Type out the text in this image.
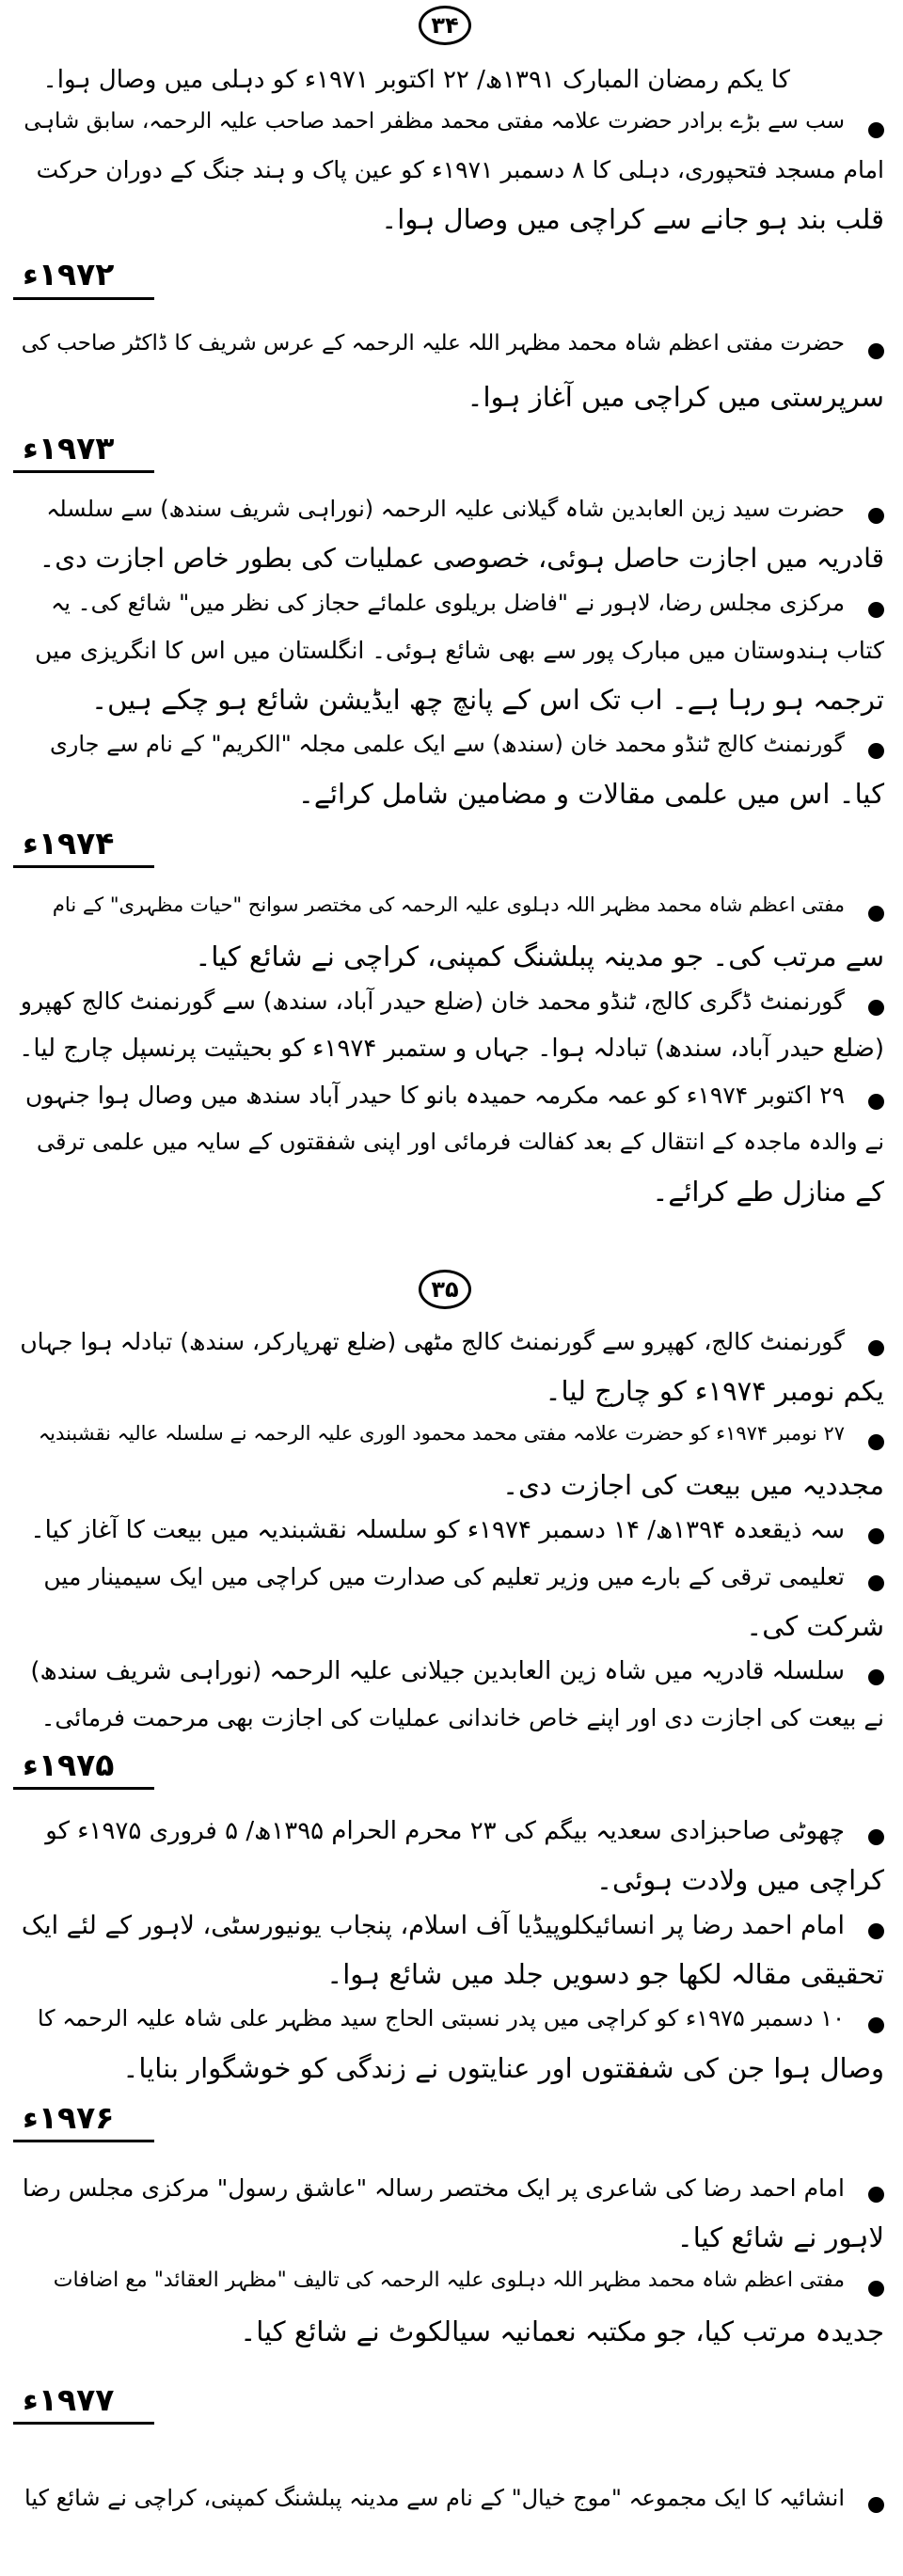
۳۴
کا یکم رمضان المبارک ۱۳۹۱ھ/ ۲۲ اکتوبر ۱۹۷۱ء کو دہلی میں وصال ہوا۔
سب سے بڑے برادر حضرت علامہ مفتی محمد مظفر احمد صاحب علیہ الرحمہ، سابق شاہی
امام مسجد فتحپوری، دہلی کا ۸ دسمبر ۱۹۷۱ء کو عین پاک و ہند جنگ کے دوران حرکت
قلب بند ہو جانے سے کراچی میں وصال ہوا۔
۱۹۷۲ء
حضرت مفتی اعظم شاہ محمد مظہر اللہ علیہ الرحمہ کے عرس شریف کا ڈاکٹر صاحب کی
سرپرستی میں کراچی میں آغاز ہوا۔
۱۹۷۳ء
حضرت سید زین العابدین شاہ گیلانی علیہ الرحمہ (نوراہی شریف سندھ) سے سلسلہ
قادریہ میں اجازت حاصل ہوئی، خصوصی عملیات کی بطور خاص اجازت دی۔
مرکزی مجلس رضا، لاہور نے "فاضل بریلوی علمائے حجاز کی نظر میں" شائع کی۔ یہ
کتاب ہندوستان میں مبارک پور سے بھی شائع ہوئی۔ انگلستان میں اس کا انگریزی میں
ترجمہ ہو رہا ہے۔ اب تک اس کے پانچ چھ ایڈیشن شائع ہو چکے ہیں۔
گورنمنٹ کالج ٹنڈو محمد خان (سندھ) سے ایک علمی مجلہ "الکریم" کے نام سے جاری
کیا۔ اس میں علمی مقالات و مضامین شامل کرائے۔
۱۹۷۴ء
مفتی اعظم شاہ محمد مظہر اللہ دہلوی علیہ الرحمہ کی مختصر سوانح "حیات مظہری" کے نام
سے مرتب کی۔ جو مدینہ پبلشنگ کمپنی، کراچی نے شائع کیا۔
گورنمنٹ ڈگری کالج، ٹنڈو محمد خان (ضلع حیدر آباد، سندھ) سے گورنمنٹ کالج کھپرو
(ضلع حیدر آباد، سندھ) تبادلہ ہوا۔ جہاں و ستمبر ۱۹۷۴ء کو بحیثیت پرنسپل چارج لیا۔
۲۹ اکتوبر ۱۹۷۴ء کو عمہ مکرمہ حمیدہ بانو کا حیدر آباد سندھ میں وصال ہوا جنہوں
نے والدہ ماجدہ کے انتقال کے بعد کفالت فرمائی اور اپنی شفقتوں کے سایہ میں علمی ترقی
کے منازل طے کرائے۔
۳۵
گورنمنٹ کالج، کھپرو سے گورنمنٹ کالج مٹھی (ضلع تھرپارکر، سندھ) تبادلہ ہوا جہاں
یکم نومبر ۱۹۷۴ء کو چارج لیا۔
۲۷ نومبر ۱۹۷۴ء کو حضرت علامہ مفتی محمد محمود الوری علیہ الرحمہ نے سلسلہ عالیہ نقشبندیہ
مجددیہ میں بیعت کی اجازت دی۔
سہ ذیقعدہ ۱۳۹۴ھ/ ۱۴ دسمبر ۱۹۷۴ء کو سلسلہ نقشبندیہ میں بیعت کا آغاز کیا۔
تعلیمی ترقی کے بارے میں وزیر تعلیم کی صدارت میں کراچی میں ایک سیمینار میں
شرکت کی۔
سلسلہ قادریہ میں شاہ زین العابدین جیلانی علیہ الرحمہ (نوراہی شریف سندھ)
نے بیعت کی اجازت دی اور اپنے خاص خاندانی عملیات کی اجازت بھی مرحمت فرمائی۔
۱۹۷۵ء
چھوٹی صاحبزادی سعدیہ بیگم کی ۲۳ محرم الحرام ۱۳۹۵ھ/ ۵ فروری ۱۹۷۵ء کو
کراچی میں ولادت ہوئی۔
امام احمد رضا پر انسائیکلوپیڈیا آف اسلام، پنجاب یونیورسٹی، لاہور کے لئے ایک
تحقیقی مقالہ لکھا جو دسویں جلد میں شائع ہوا۔
۱۰ دسمبر ۱۹۷۵ء کو کراچی میں پدر نسبتی الحاج سید مظہر علی شاہ علیہ الرحمہ کا
وصال ہوا جن کی شفقتوں اور عنایتوں نے زندگی کو خوشگوار بنایا۔
۱۹۷۶ء
امام احمد رضا کی شاعری پر ایک مختصر رسالہ "عاشق رسول" مرکزی مجلس رضا
لاہور نے شائع کیا۔
مفتی اعظم شاہ محمد مظہر اللہ دہلوی علیہ الرحمہ کی تالیف "مظہر العقائد" مع اضافات
جدیدہ مرتب کیا، جو مکتبہ نعمانیہ سیالکوٹ نے شائع کیا۔
۱۹۷۷ء
انشائیہ کا ایک مجموعہ "موج خیال" کے نام سے مدینہ پبلشنگ کمپنی، کراچی نے شائع کیا
